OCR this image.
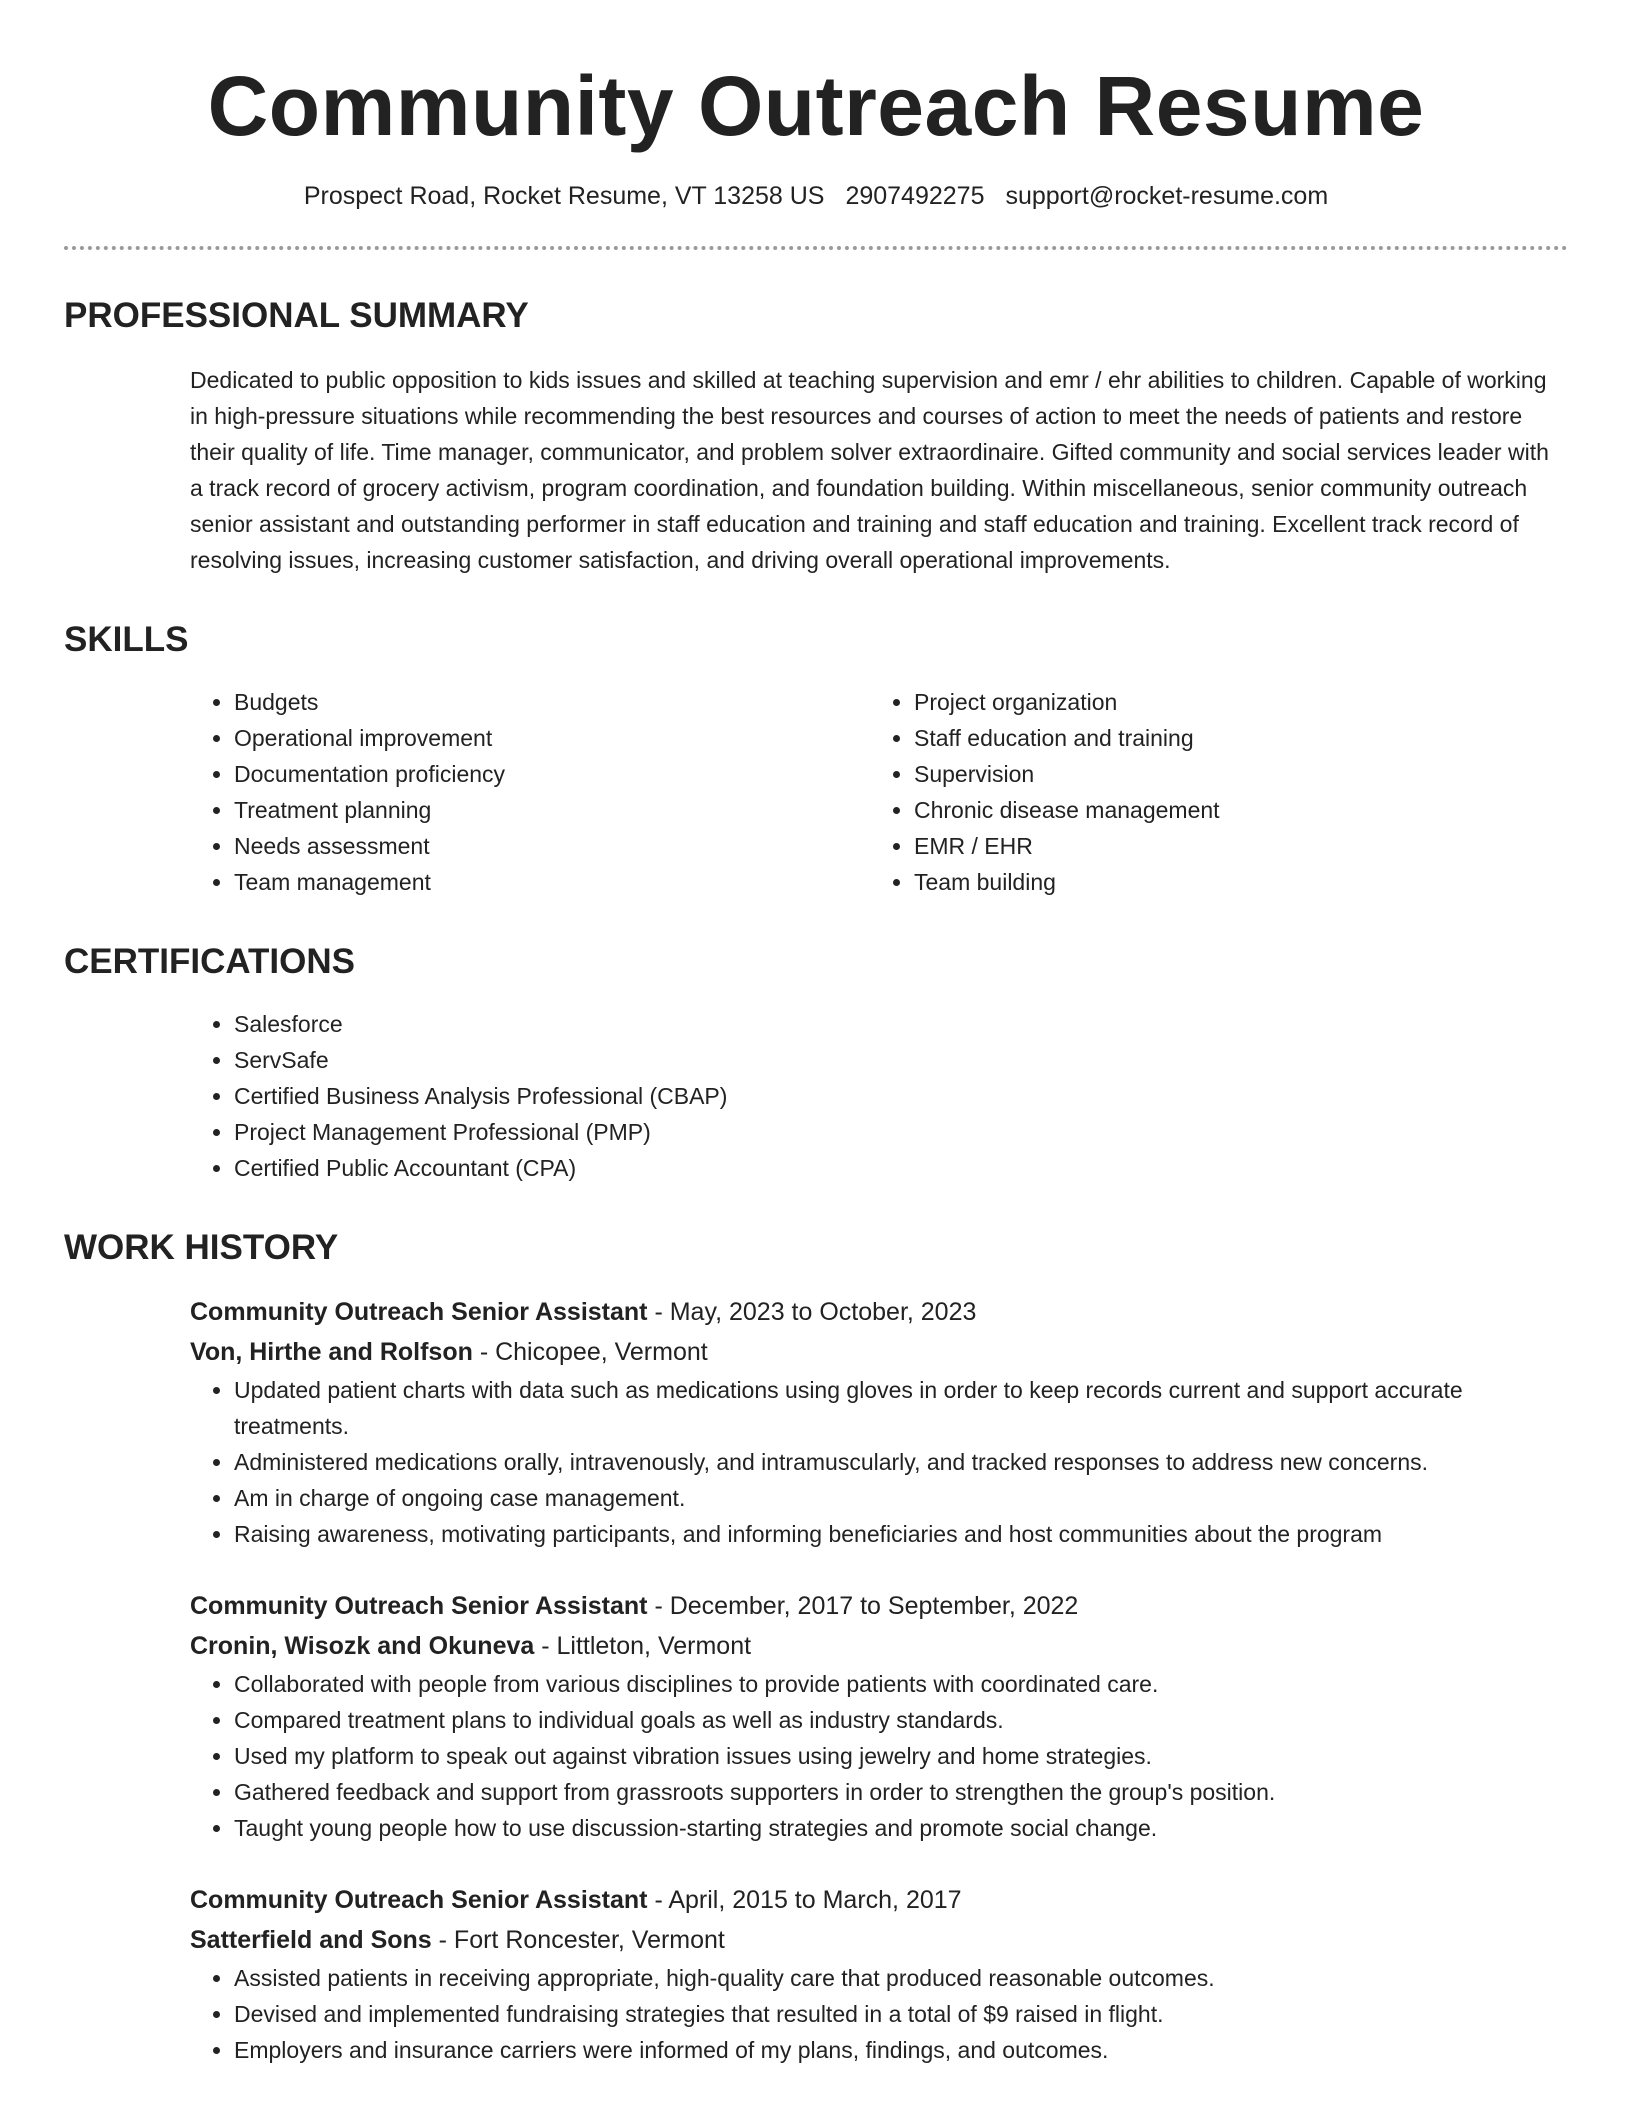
Community Outreach Resume
Prospect Road, Rocket Resume, VT 13258 US 2907492275 support@rocket-resume.com
PROFESSIONAL SUMMARY
Dedicated to public opposition to kids issues and skilled at teaching supervision and emr / ehr abilities to children. Capable of working in high-pressure situations while recommending the best resources and courses of action to meet the needs of patients and restore their quality of life. Time manager, communicator, and problem solver extraordinaire. Gifted community and social services leader with a track record of grocery activism, program coordination, and foundation building. Within miscellaneous, senior community outreach senior assistant and outstanding performer in staff education and training and staff education and training. Excellent track record of resolving issues, increasing customer satisfaction, and driving overall operational improvements.
SKILLS
• Budgets
• Operational improvement
• Documentation proficiency
• Treatment planning
• Needs assessment
• Team management
• Project organization
• Staff education and training
• Supervision
• Chronic disease management
• EMR / EHR
• Team building
CERTIFICATIONS
• Salesforce
• ServSafe
• Certified Business Analysis Professional (CBAP)
• Project Management Professional (PMP)
• Certified Public Accountant (CPA)
WORK HISTORY
Community Outreach Senior Assistant - May, 2023 to October, 2023
Von, Hirthe and Rolfson - Chicopee, Vermont
• Updated patient charts with data such as medications using gloves in order to keep records current and support accurate treatments.
• Administered medications orally, intravenously, and intramuscularly, and tracked responses to address new concerns.
• Am in charge of ongoing case management.
• Raising awareness, motivating participants, and informing beneficiaries and host communities about the program
Community Outreach Senior Assistant - December, 2017 to September, 2022
Cronin, Wisozk and Okuneva - Littleton, Vermont
• Collaborated with people from various disciplines to provide patients with coordinated care.
• Compared treatment plans to individual goals as well as industry standards.
• Used my platform to speak out against vibration issues using jewelry and home strategies.
• Gathered feedback and support from grassroots supporters in order to strengthen the group's position.
• Taught young people how to use discussion-starting strategies and promote social change.
Community Outreach Senior Assistant - April, 2015 to March, 2017
Satterfield and Sons - Fort Roncester, Vermont
• Assisted patients in receiving appropriate, high-quality care that produced reasonable outcomes.
• Devised and implemented fundraising strategies that resulted in a total of $9 raised in flight.
• Employers and insurance carriers were informed of my plans, findings, and outcomes.
